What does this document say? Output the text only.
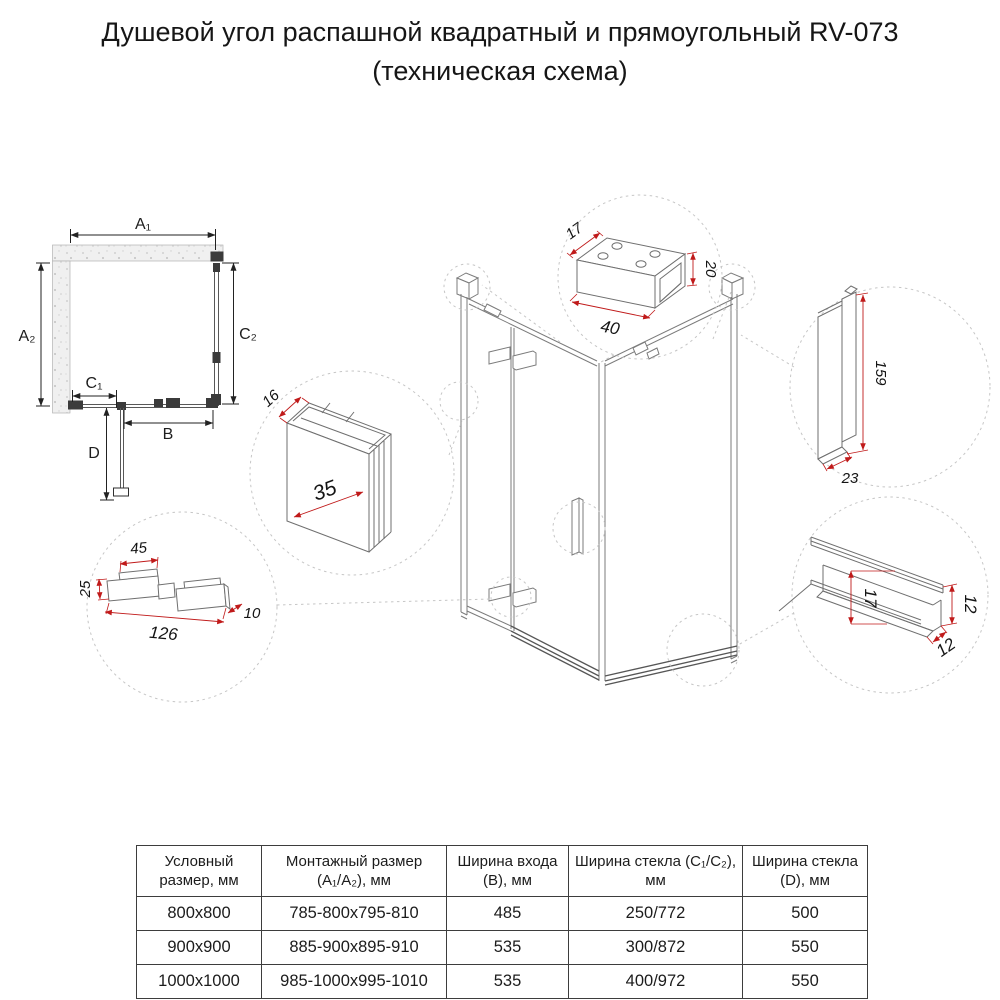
Душевой угол распашной квадратный и прямоугольный RV-073
(техническая схема)
A₁
A₂	C₂
C₁
B
D
17
20
40
16
35
45
25
126
10
159
23
17	12
12
Условный размер, мм	Монтажный размер (A₁/A₂), мм	Ширина входа (B), мм	Ширина стекла (C₁/C₂), мм	Ширина стекла (D), мм
800x800	785-800x795-810	485	250/772	500
900x900	885-900x895-910	535	300/872	550
1000x1000	985-1000x995-1010	535	400/972	550
